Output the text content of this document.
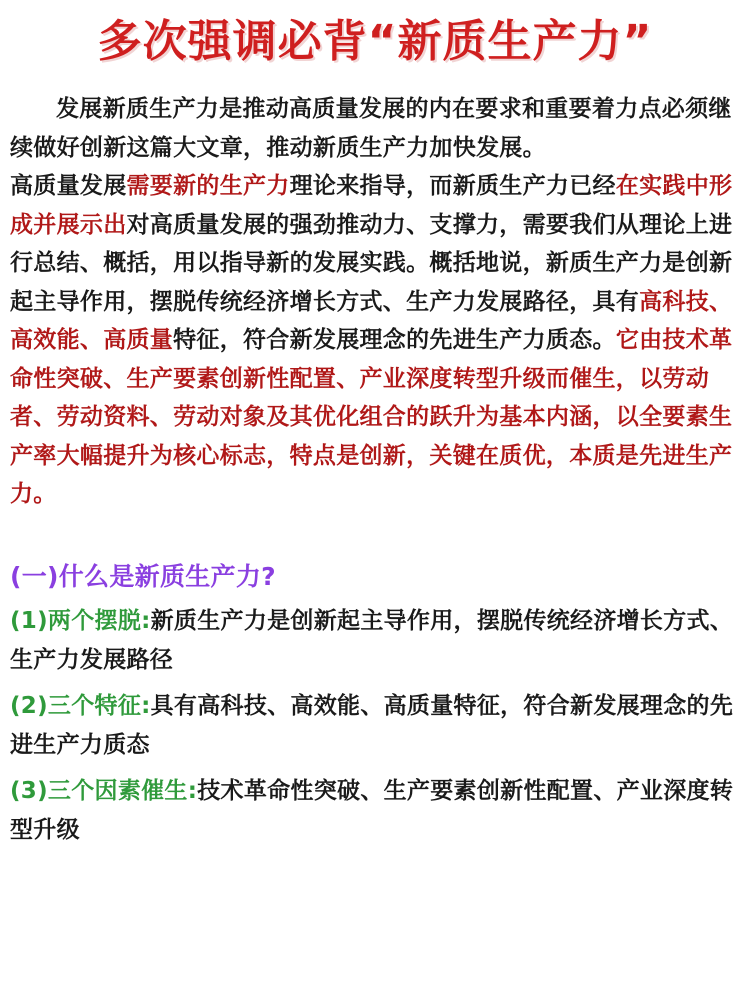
多次强调必背“新质生产力”

发展新质生产力是推动高质量发展的内在要求和重要着力点必须继续做好创新这篇大文章，推动新质生产力加快发展。

高质量发展需要新的生产力理论来指导，而新质生产力已经在实践中形成并展示出对高质量发展的强劲推动力、支撑力，需要我们从理论上进行总结、概括，用以指导新的发展实践。概括地说，新质生产力是创新起主导作用，摆脱传统经济增长方式、生产力发展路径，具有高科技、高效能、高质量特征，符合新发展理念的先进生产力质态。它由技术革命性突破、生产要素创新性配置、产业深度转型升级而催生，以劳动者、劳动资料、劳动对象及其优化组合的跃升为基本内涵，以全要素生产率大幅提升为核心标志，特点是创新，关键在质优，本质是先进生产力。

(一)什么是新质生产力?

(1)两个摆脱:新质生产力是创新起主导作用，摆脱传统经济增长方式、生产力发展路径

(2)三个特征:具有高科技、高效能、高质量特征，符合新发展理念的先进生产力质态

(3)三个因素催生:技术革命性突破、生产要素创新性配置、产业深度转型升级
